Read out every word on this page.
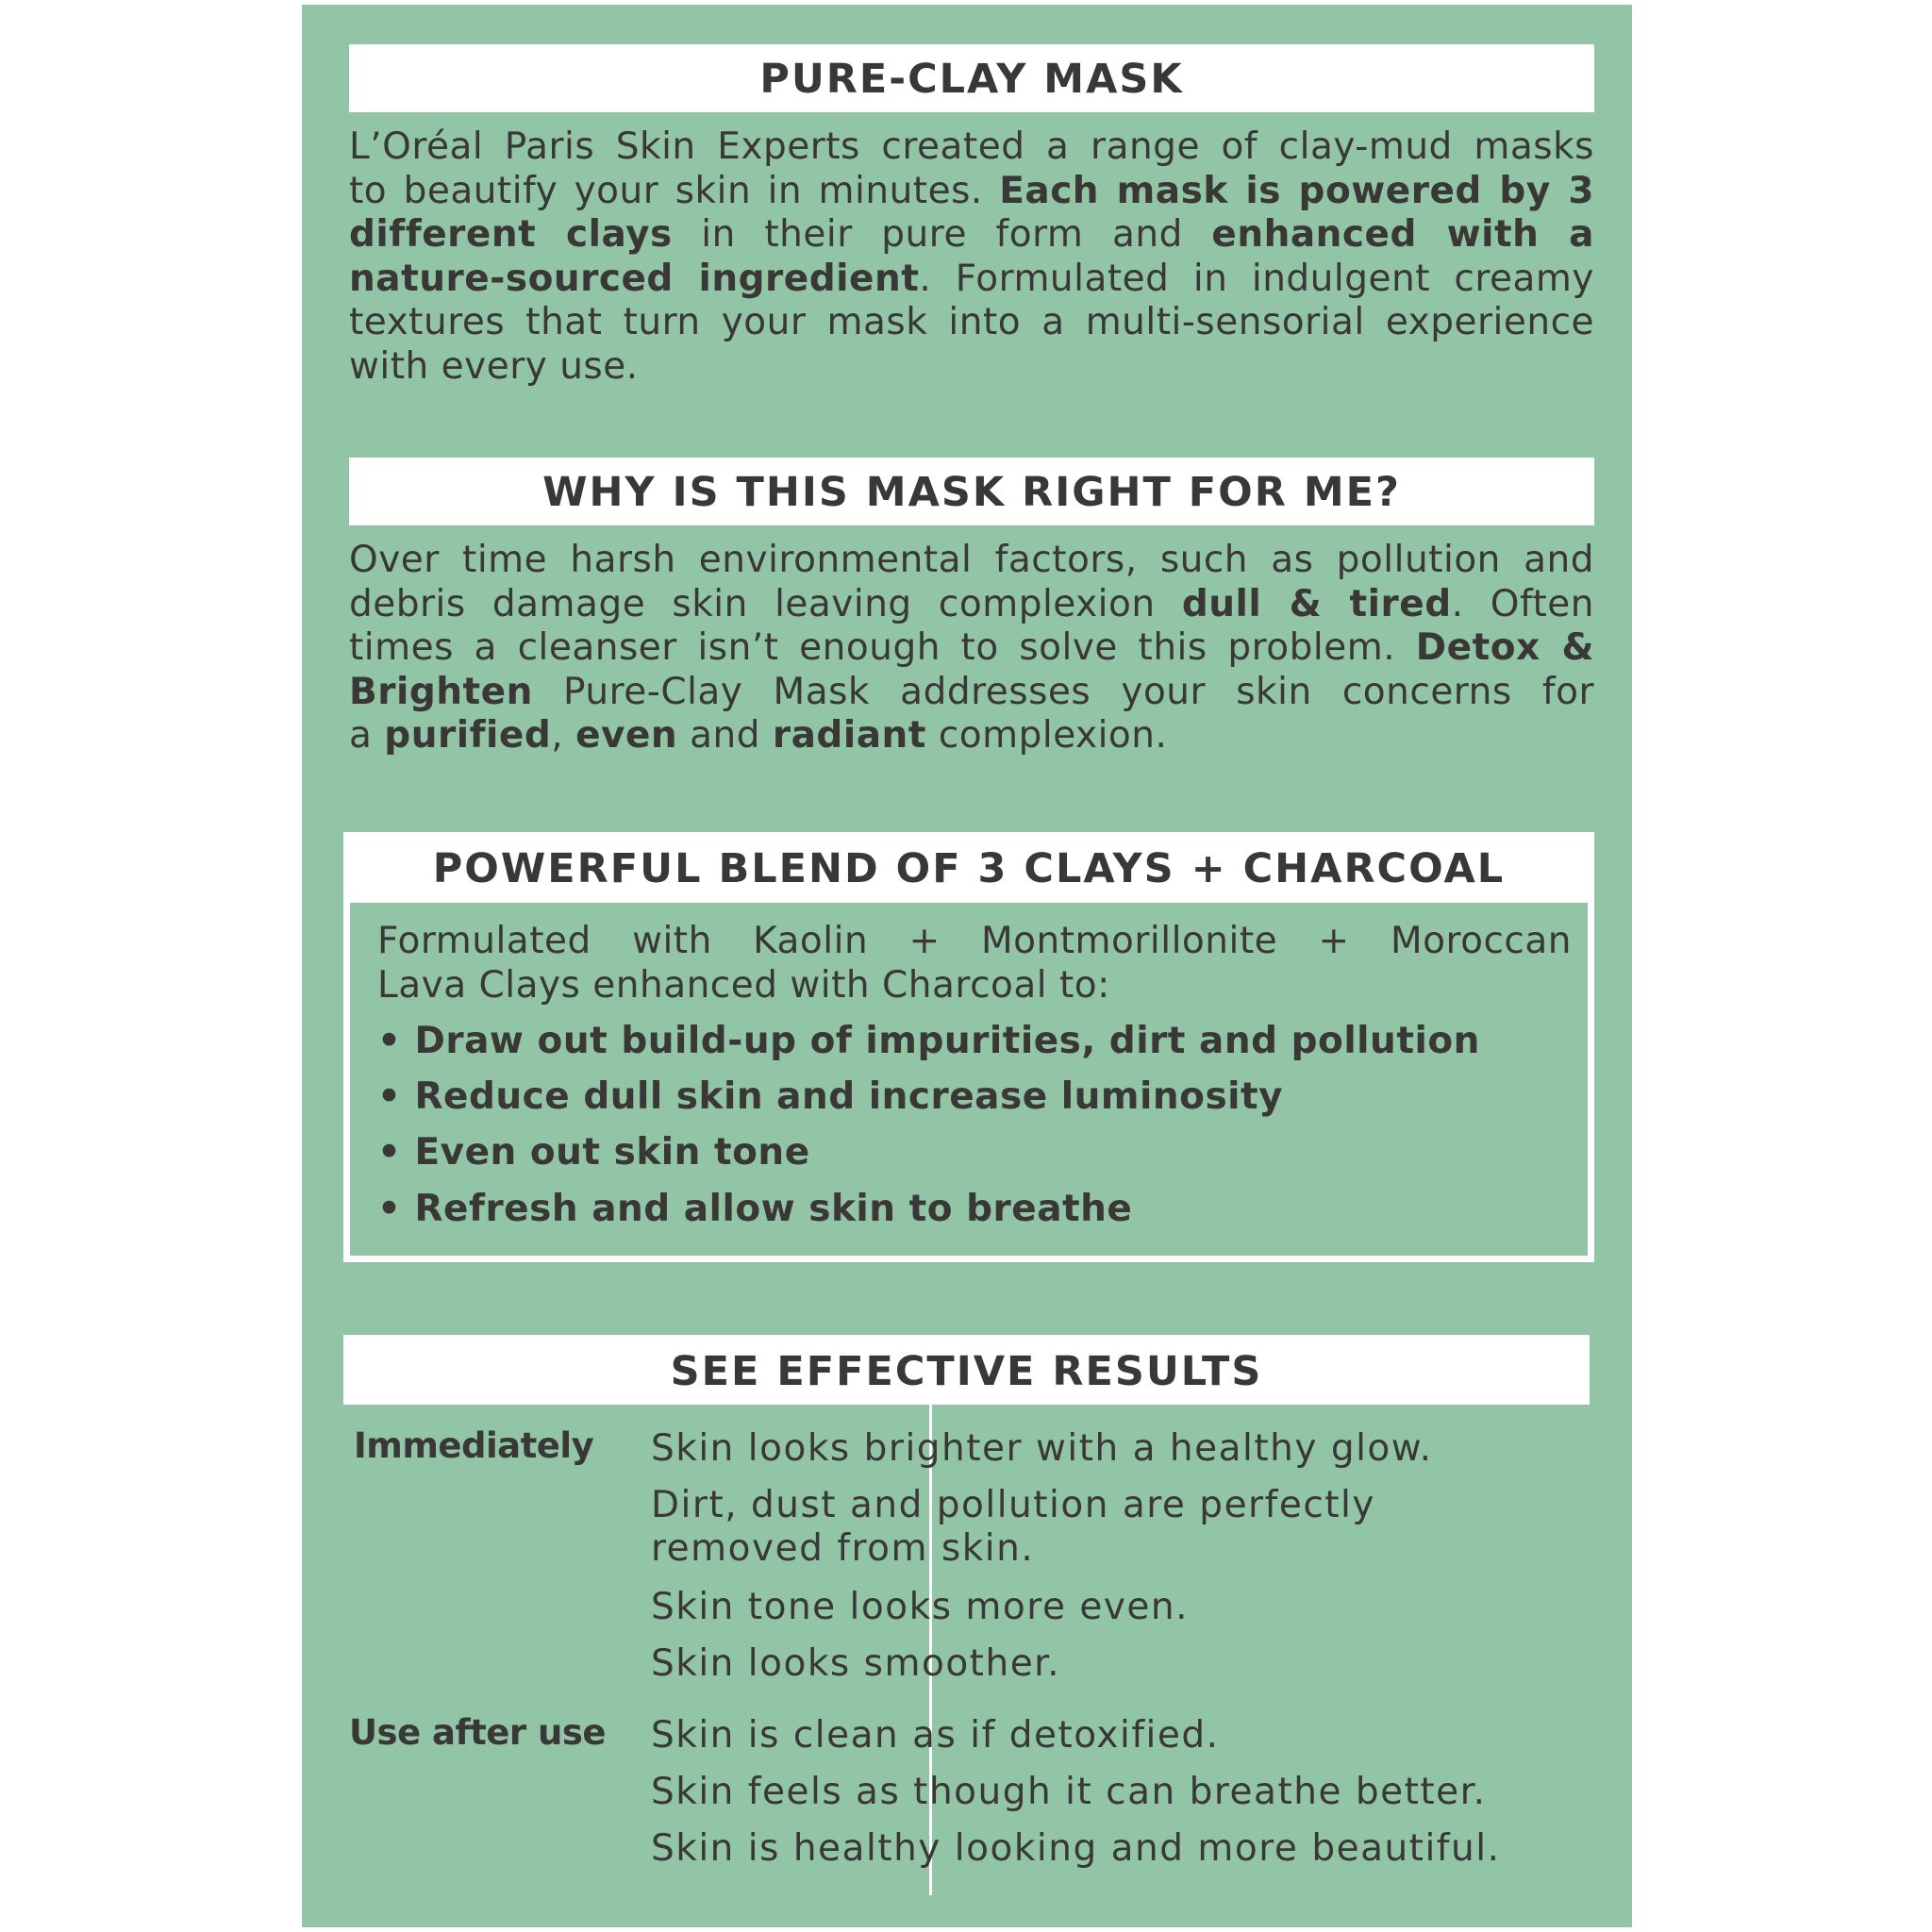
PURE-CLAY MASK
L’Oréal Paris Skin Experts created a range of clay-mud masks
to beautify your skin in minutes. Each mask is powered by 3
different clays in their pure form and enhanced with a
nature-sourced ingredient. Formulated in indulgent creamy
textures that turn your mask into a multi-sensorial experience
with every use.
WHY IS THIS MASK RIGHT FOR ME?
Over time harsh environmental factors, such as pollution and
debris damage skin leaving complexion dull & tired. Often
times a cleanser isn’t enough to solve this problem. Detox &
Brighten Pure-Clay Mask addresses your skin concerns for
a purified, even and radiant complexion.
POWERFUL BLEND OF 3 CLAYS + CHARCOAL
Formulated with Kaolin + Montmorillonite + Moroccan
Lava Clays enhanced with Charcoal to:
• Draw out build-up of impurities, dirt and pollution
• Reduce dull skin and increase luminosity
• Even out skin tone
• Refresh and allow skin to breathe
SEE EFFECTIVE RESULTS
Immediately Skin looks brighter with a healthy glow.
Dirt, dust and pollution are perfectly
removed from skin.
Skin tone looks more even.
Skin looks smoother.
Use after use Skin is clean as if detoxified.
Skin feels as though it can breathe better.
Skin is healthy looking and more beautiful.
